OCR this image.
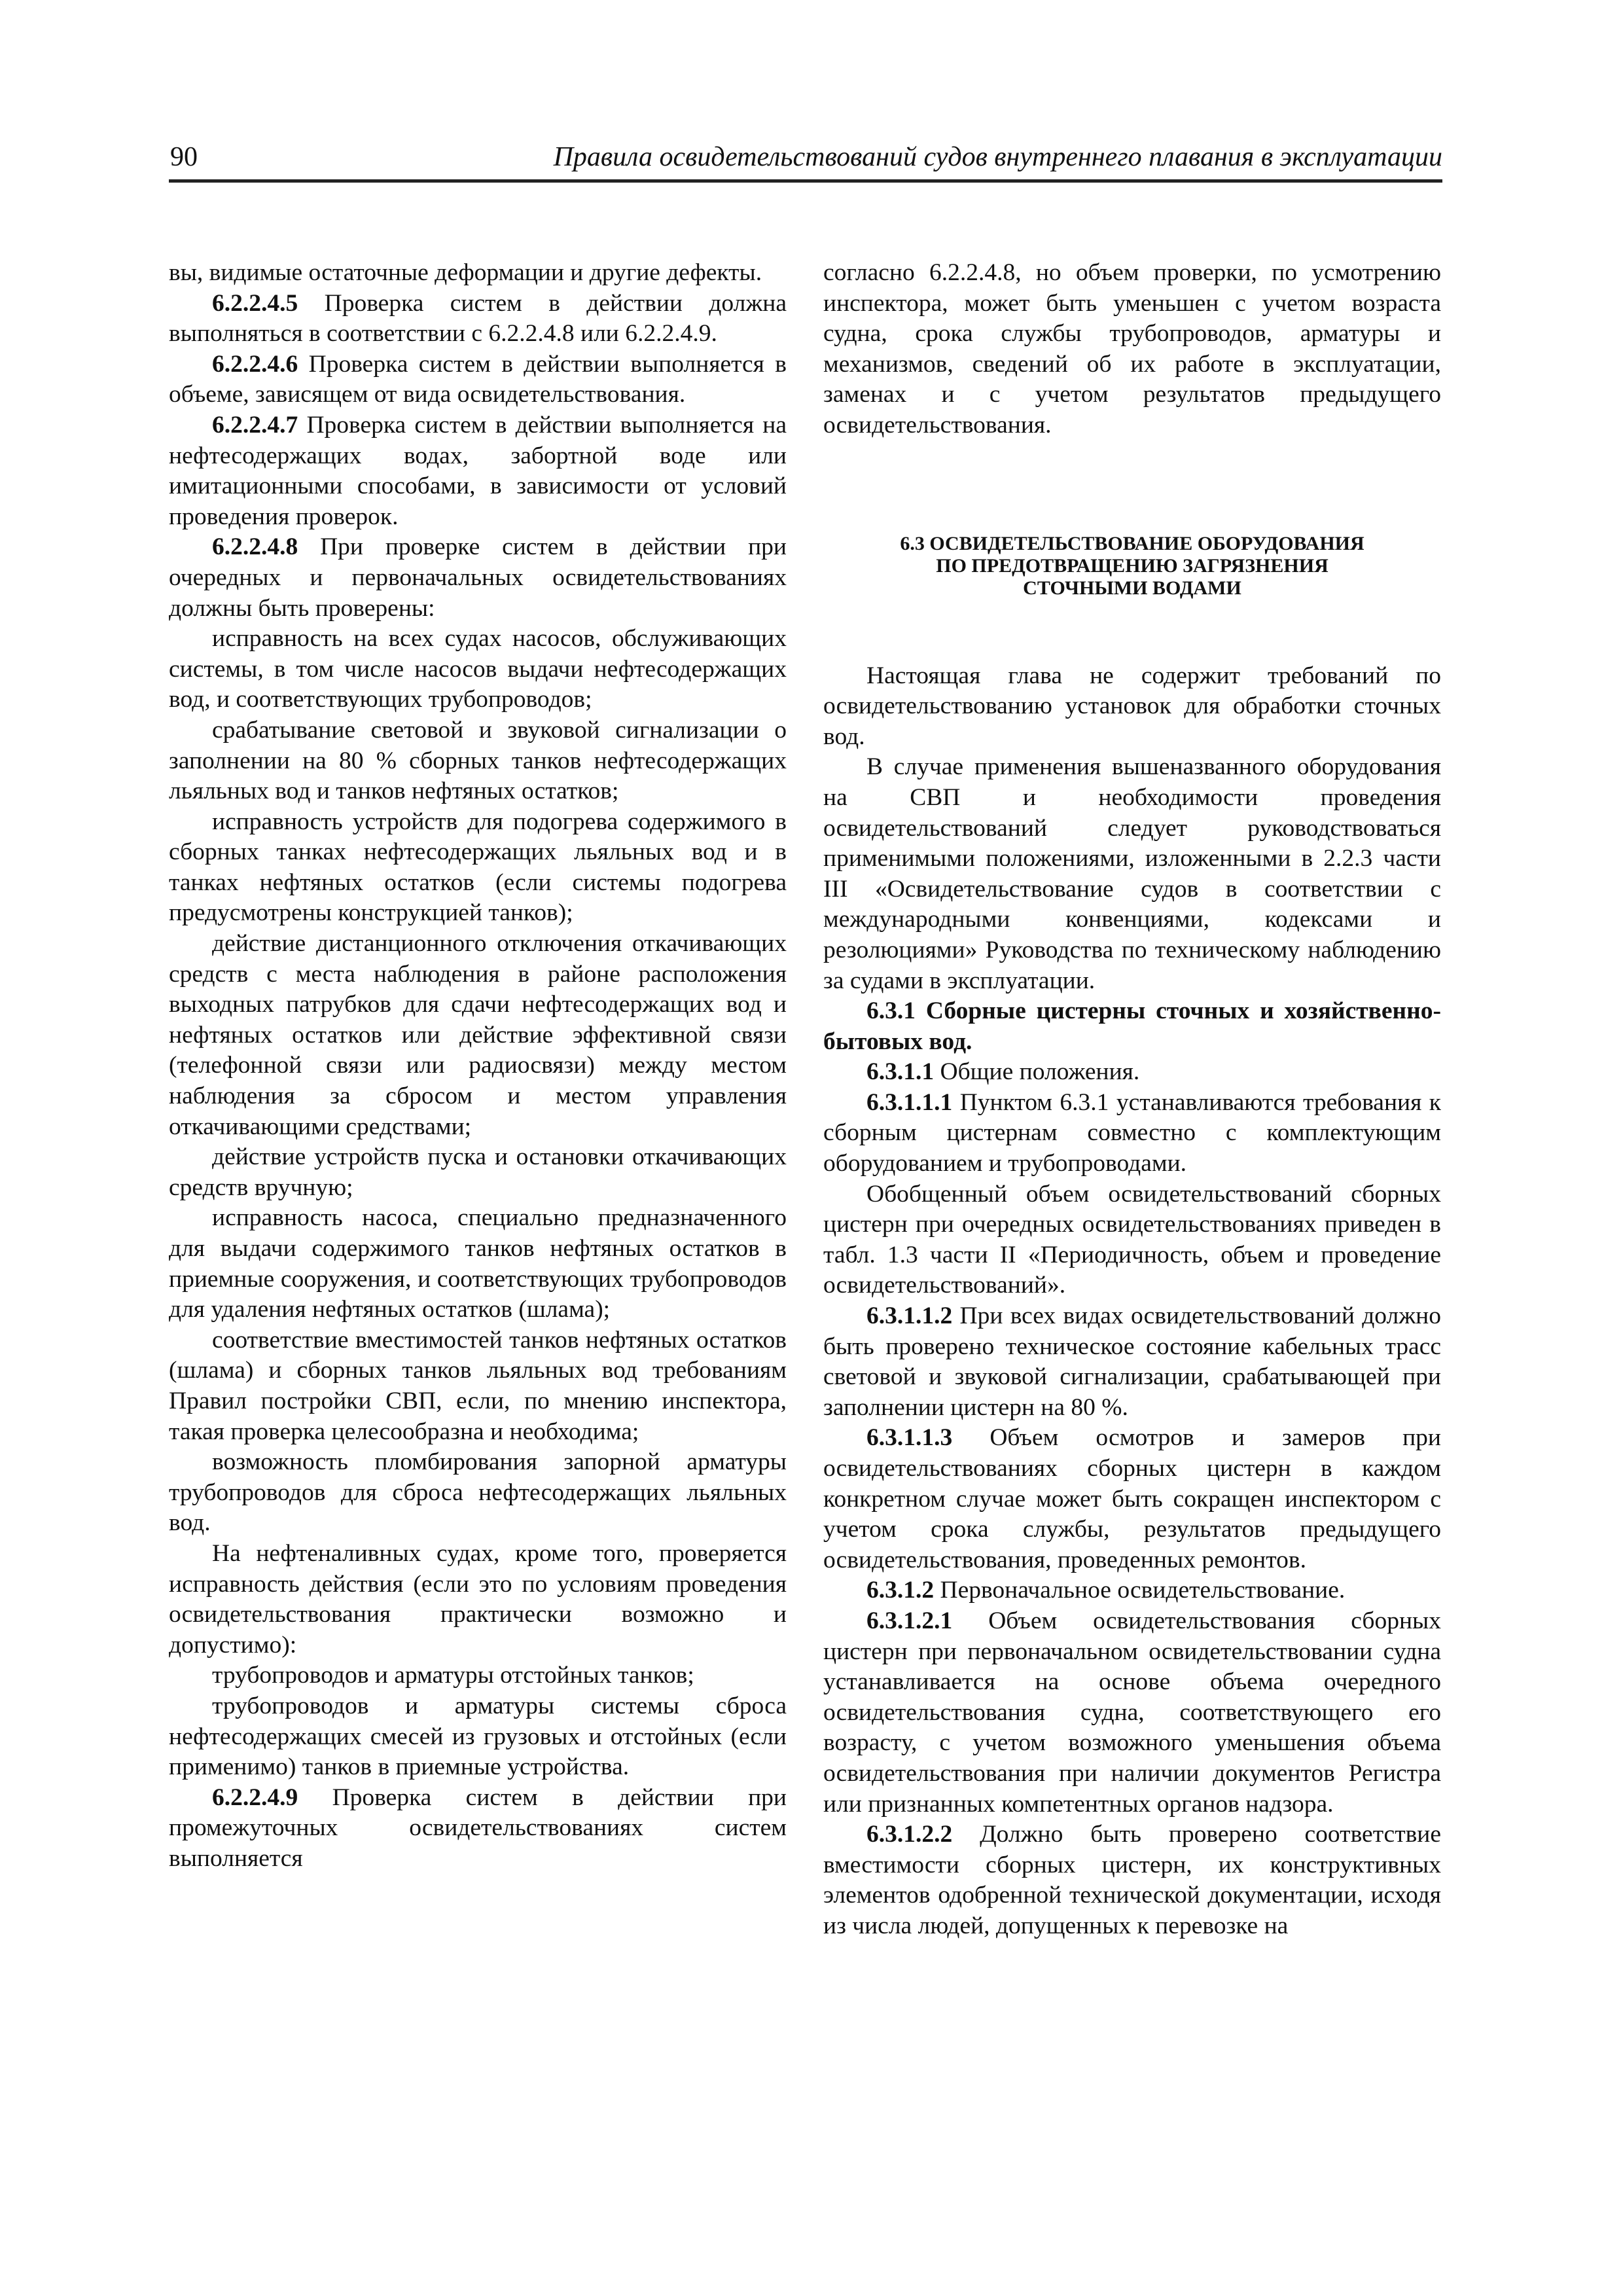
90	Правила освидетельствований судов внутреннего плавания в эксплуатации

вы, видимые остаточные деформации и другие дефекты.

6.2.2.4.5 Проверка систем в действии должна выполняться в соответствии с 6.2.2.4.8 или 6.2.2.4.9.

6.2.2.4.6 Проверка систем в действии выполняется в объеме, зависящем от вида освидетельствования.

6.2.2.4.7 Проверка систем в действии выполняется на нефтесодержащих водах, забортной воде или имитационными способами, в зависимости от условий проведения проверок.

6.2.2.4.8 При проверке систем в действии при очередных и первоначальных освидетельствованиях должны быть проверены:

исправность на всех судах насосов, обслуживающих системы, в том числе насосов выдачи нефтесодержащих вод, и соответствующих трубопроводов;

срабатывание световой и звуковой сигнализации о заполнении на 80 % сборных танков нефтесодержащих льяльных вод и танков нефтяных остатков;

исправность устройств для подогрева содержимого в сборных танках нефтесодержащих льяльных вод и в танках нефтяных остатков (если системы подогрева предусмотрены конструкцией танков);

действие дистанционного отключения откачивающих средств с места наблюдения в районе расположения выходных патрубков для сдачи нефтесодержащих вод и нефтяных остатков или действие эффективной связи (телефонной связи или радиосвязи) между местом наблюдения за сбросом и местом управления откачивающими средствами;

действие устройств пуска и остановки откачивающих средств вручную;

исправность насоса, специально предназначенного для выдачи содержимого танков нефтяных остатков в приемные сооружения, и соответствующих трубопроводов для удаления нефтяных остатков (шлама);

соответствие вместимостей танков нефтяных остатков (шлама) и сборных танков льяльных вод требованиям Правил постройки СВП, если, по мнению инспектора, такая проверка целесообразна и необходима;

возможность пломбирования запорной арматуры трубопроводов для сброса нефтесодержащих льяльных вод.

На нефтеналивных судах, кроме того, проверяется исправность действия (если это по условиям проведения освидетельствования практически возможно и допустимо):

трубопроводов и арматуры отстойных танков;

трубопроводов и арматуры системы сброса нефтесодержащих смесей из грузовых и отстойных (если применимо) танков в приемные устройства.

6.2.2.4.9 Проверка систем в действии при промежуточных освидетельствованиях систем выполняется

согласно 6.2.2.4.8, но объем проверки, по усмотрению инспектора, может быть уменьшен с учетом возраста судна, срока службы трубопроводов, арматуры и механизмов, сведений об их работе в эксплуатации, заменах и с учетом результатов предыдущего освидетельствования.

6.3 ОСВИДЕТЕЛЬСТВОВАНИЕ ОБОРУДОВАНИЯ
ПО ПРЕДОТВРАЩЕНИЮ ЗАГРЯЗНЕНИЯ
СТОЧНЫМИ ВОДАМИ

Настоящая глава не содержит требований по освидетельствованию установок для обработки сточных вод.

В случае применения вышеназванного оборудования на СВП и необходимости проведения освидетельствований следует руководствоваться применимыми положениями, изложенными в 2.2.3 части III «Освидетельствование судов в соответствии с международными конвенциями, кодексами и резолюциями» Руководства по техническому наблюдению за судами в эксплуатации.

6.3.1 Сборные цистерны сточных и хозяйственно-бытовых вод.

6.3.1.1 Общие положения.

6.3.1.1.1 Пунктом 6.3.1 устанавливаются требования к сборным цистернам совместно с комплектующим оборудованием и трубопроводами.

Обобщенный объем освидетельствований сборных цистерн при очередных освидетельствованиях приведен в табл. 1.3 части II «Периодичность, объем и проведение освидетельствований».

6.3.1.1.2 При всех видах освидетельствований должно быть проверено техническое состояние кабельных трасс световой и звуковой сигнализации, срабатывающей при заполнении цистерн на 80 %.

6.3.1.1.3 Объем осмотров и замеров при освидетельствованиях сборных цистерн в каждом конкретном случае может быть сокращен инспектором с учетом срока службы, результатов предыдущего освидетельствования, проведенных ремонтов.

6.3.1.2 Первоначальное освидетельствование.

6.3.1.2.1 Объем освидетельствования сборных цистерн при первоначальном освидетельствовании судна устанавливается на основе объема очередного освидетельствования судна, соответствующего его возрасту, с учетом возможного уменьшения объема освидетельствования при наличии документов Регистра или признанных компетентных органов надзора.

6.3.1.2.2 Должно быть проверено соответствие вместимости сборных цистерн, их конструктивных элементов одобренной технической документации, исходя из числа людей, допущенных к перевозке на
